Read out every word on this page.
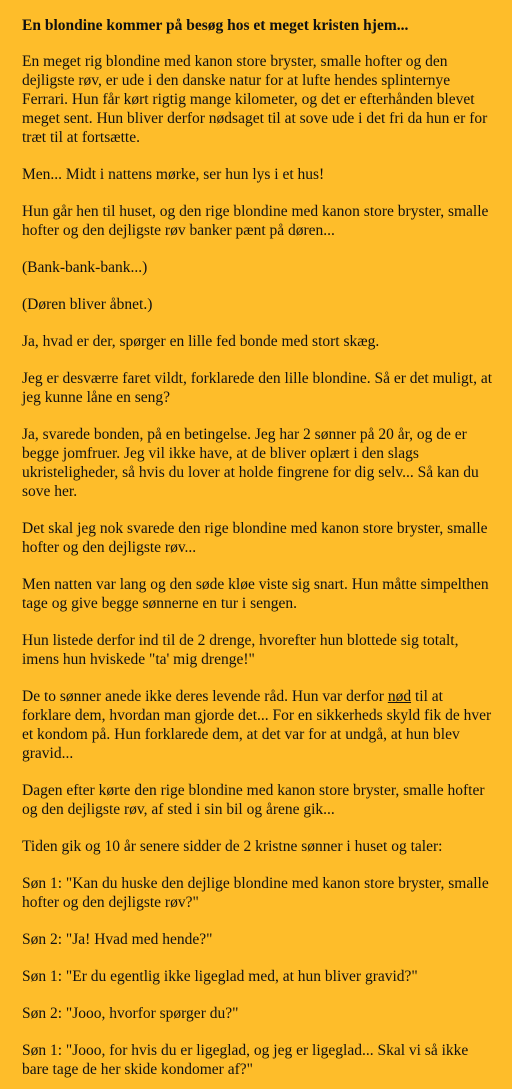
En blondine kommer på besøg hos et meget kristen hjem...
En meget rig blondine med kanon store bryster, smalle hofter og den dejligste røv, er ude i den danske natur for at lufte hendes splinternye Ferrari. Hun får kørt rigtig mange kilometer, og det er efterhånden blevet meget sent. Hun bliver derfor nødsaget til at sove ude i det fri da hun er for træt til at fortsætte.
Men... Midt i nattens mørke, ser hun lys i et hus!
Hun går hen til huset, og den rige blondine med kanon store bryster, smalle hofter og den dejligste røv banker pænt på døren...
(Bank-bank-bank...)
(Døren bliver åbnet.)
Ja, hvad er der, spørger en lille fed bonde med stort skæg.
Jeg er desværre faret vildt, forklarede den lille blondine. Så er det muligt, at jeg kunne låne en seng?
Ja, svarede bonden, på en betingelse. Jeg har 2 sønner på 20 år, og de er begge jomfruer. Jeg vil ikke have, at de bliver oplært i den slags ukristeligheder, så hvis du lover at holde fingrene for dig selv... Så kan du sove her.
Det skal jeg nok svarede den rige blondine med kanon store bryster, smalle hofter og den dejligste røv...
Men natten var lang og den søde kløe viste sig snart. Hun måtte simpelthen tage og give begge sønnerne en tur i sengen.
Hun listede derfor ind til de 2 drenge, hvorefter hun blottede sig totalt, imens hun hviskede "ta' mig drenge!"
De to sønner anede ikke deres levende råd. Hun var derfor nød til at forklare dem, hvordan man gjorde det... For en sikkerheds skyld fik de hver et kondom på. Hun forklarede dem, at det var for at undgå, at hun blev gravid...
Dagen efter kørte den rige blondine med kanon store bryster, smalle hofter og den dejligste røv, af sted i sin bil og årene gik...
Tiden gik og 10 år senere sidder de 2 kristne sønner i huset og taler:
Søn 1: "Kan du huske den dejlige blondine med kanon store bryster, smalle hofter og den dejligste røv?"
Søn 2: "Ja! Hvad med hende?"
Søn 1: "Er du egentlig ikke ligeglad med, at hun bliver gravid?"
Søn 2: "Jooo, hvorfor spørger du?"
Søn 1: "Jooo, for hvis du er ligeglad, og jeg er ligeglad... Skal vi så ikke bare tage de her skide kondomer af?"
